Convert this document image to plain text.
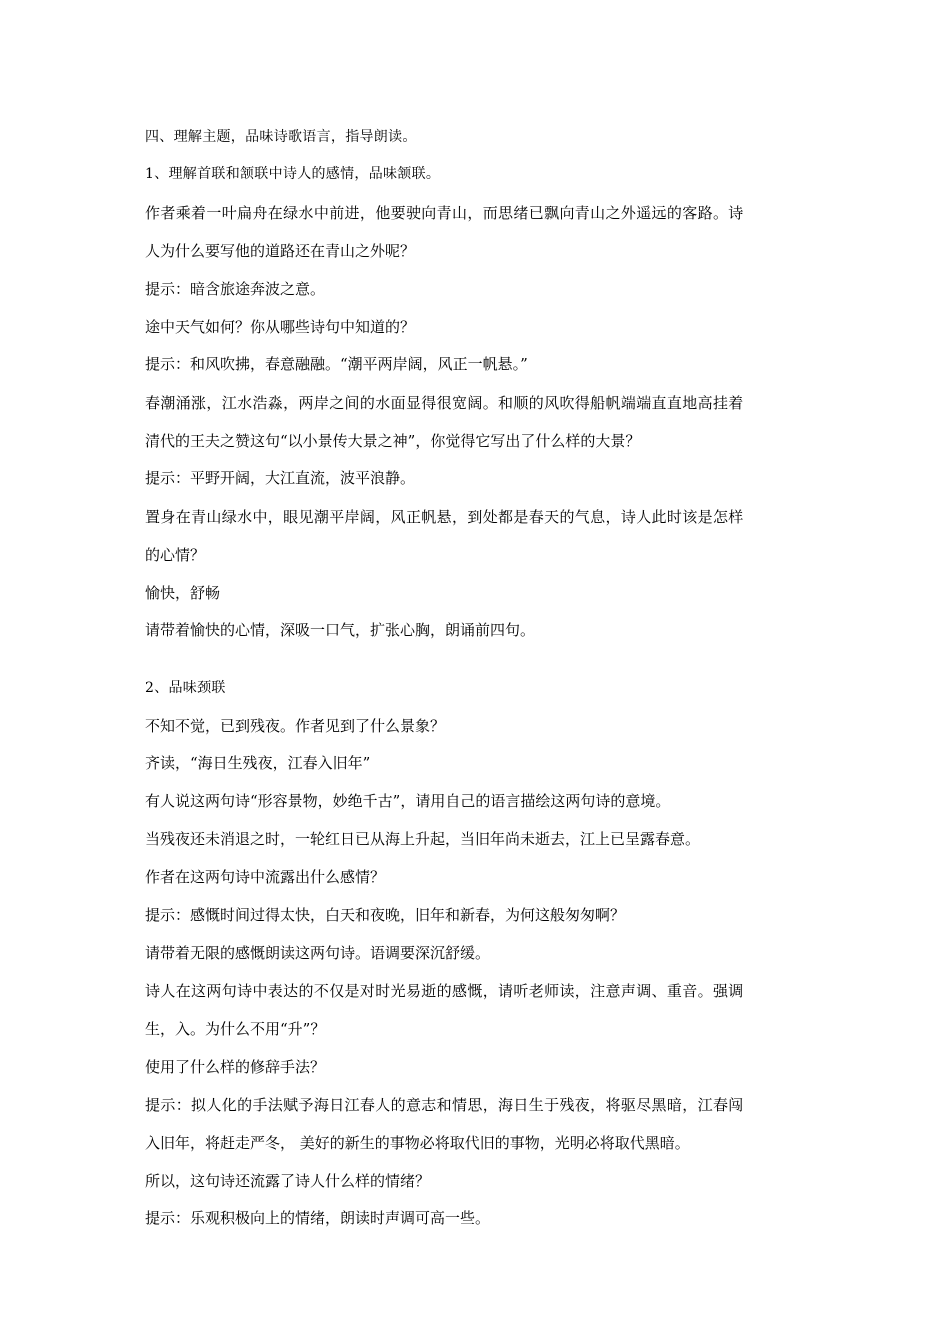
四、理解主题，品味诗歌语言，指导朗读。

1、理解首联和颔联中诗人的感情，品味颔联。

作者乘着一叶扁舟在绿水中前进，他要驶向青山，而思绪已飘向青山之外遥远的客路。诗

人为什么要写他的道路还在青山之外呢？

提示：暗含旅途奔波之意。

途中天气如何？你从哪些诗句中知道的？

提示：和风吹拂，春意融融。“潮平两岸阔，风正一帆悬。”

春潮涌涨，江水浩淼，两岸之间的水面显得很宽阔。和顺的风吹得船帆端端直直地高挂着

清代的王夫之赞这句“以小景传大景之神”，你觉得它写出了什么样的大景？

提示：平野开阔，大江直流，波平浪静。

置身在青山绿水中，眼见潮平岸阔，风正帆悬，到处都是春天的气息，诗人此时该是怎样

的心情？

愉快，舒畅

请带着愉快的心情，深吸一口气，扩张心胸，朗诵前四句。

2、品味颈联

不知不觉，已到残夜。作者见到了什么景象？

齐读，“海日生残夜，江春入旧年”

有人说这两句诗“形容景物，妙绝千古”，请用自己的语言描绘这两句诗的意境。

当残夜还未消退之时，一轮红日已从海上升起，当旧年尚未逝去，江上已呈露春意。

作者在这两句诗中流露出什么感情？

提示：感慨时间过得太快，白天和夜晚，旧年和新春，为何这般匆匆啊？

请带着无限的感慨朗读这两句诗。语调要深沉舒缓。

诗人在这两句诗中表达的不仅是对时光易逝的感慨，请听老师读，注意声调、重音。强调

生，入。为什么不用“升”？

使用了什么样的修辞手法？

提示：拟人化的手法赋予海日江春人的意志和情思，海日生于残夜，将驱尽黑暗，江春闯

入旧年，将赶走严冬， 美好的新生的事物必将取代旧的事物，光明必将取代黑暗。

所以，这句诗还流露了诗人什么样的情绪？

提示：乐观积极向上的情绪，朗读时声调可高一些。
